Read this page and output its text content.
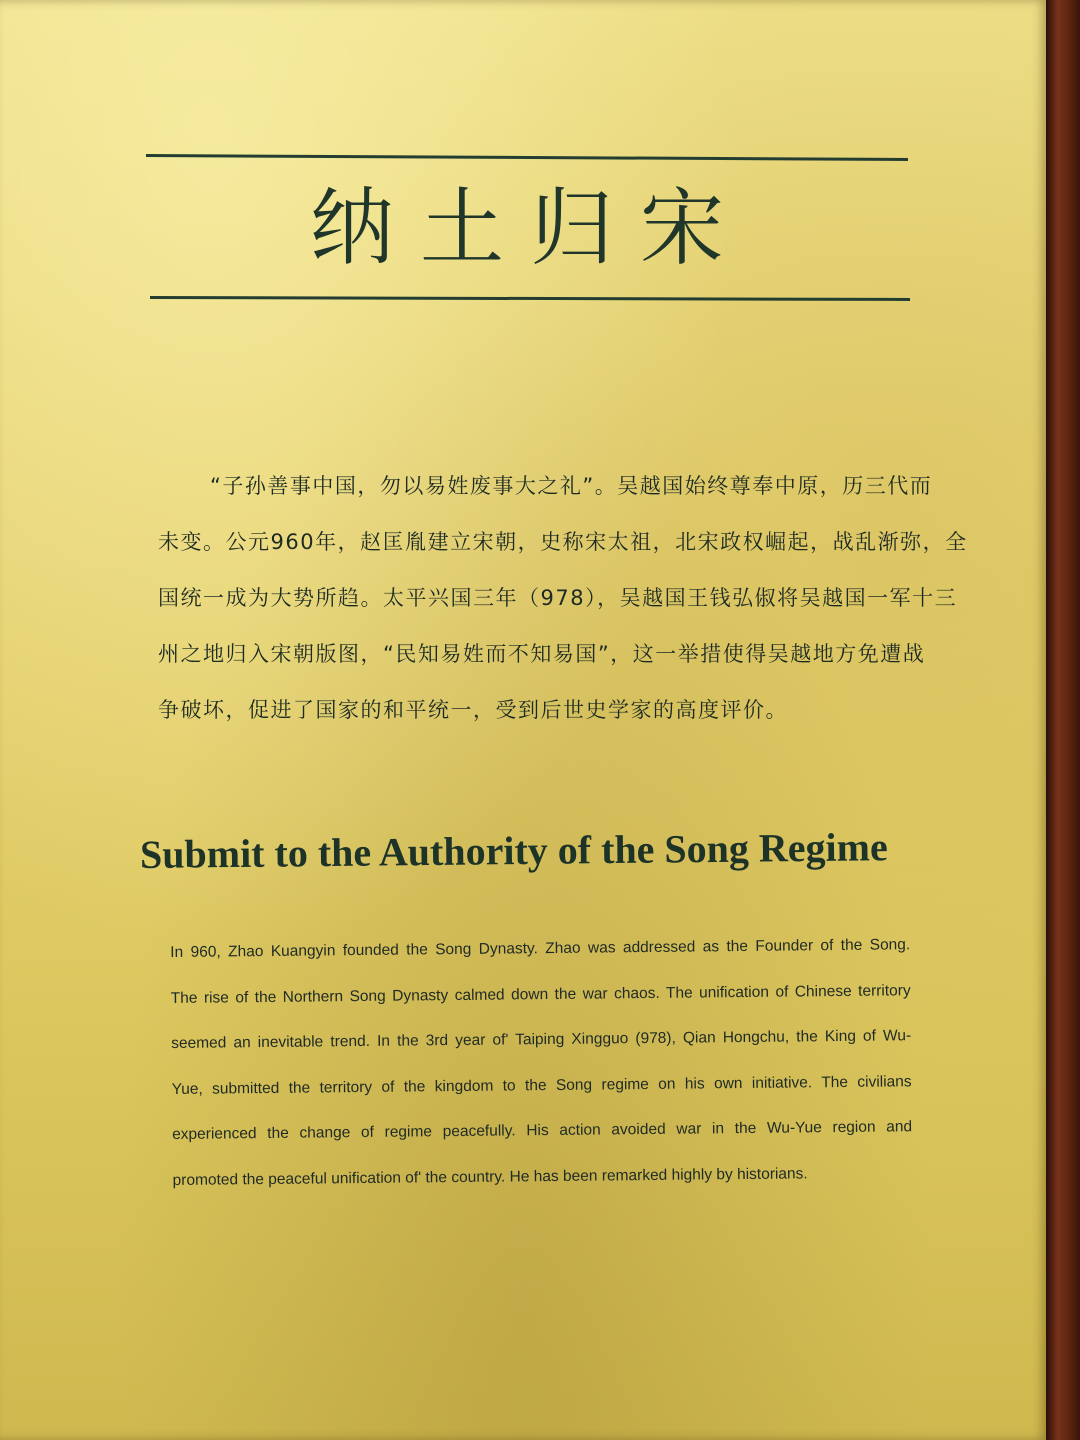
纳土归宋
“子孙善事中国，勿以易姓废事大之礼”。吴越国始终尊奉中原，历三代而
未变。公元960年，赵匡胤建立宋朝，史称宋太祖，北宋政权崛起，战乱渐弥，全
国统一成为大势所趋。太平兴国三年（978），吴越国王钱弘俶将吴越国一军十三
州之地归入宋朝版图，“民知易姓而不知易国”，这一举措使得吴越地方免遭战
争破坏，促进了国家的和平统一，受到后世史学家的高度评价。
Submit to the Authority of the Song Regime
In 960, Zhao Kuangyin founded the Song Dynasty. Zhao was addressed as the Founder of the Song.
The rise of the Northern Song Dynasty calmed down the war chaos. The unification of Chinese territory
seemed an inevitable trend. In the 3rd year of' Taiping Xingguo (978), Qian Hongchu, the King of Wu-
Yue, submitted the territory of the kingdom to the Song regime on his own initiative. The civilians
experienced the change of regime peacefully. His action avoided war in the Wu-Yue region and
promoted the peaceful unification of' the country. He has been remarked highly by historians.
